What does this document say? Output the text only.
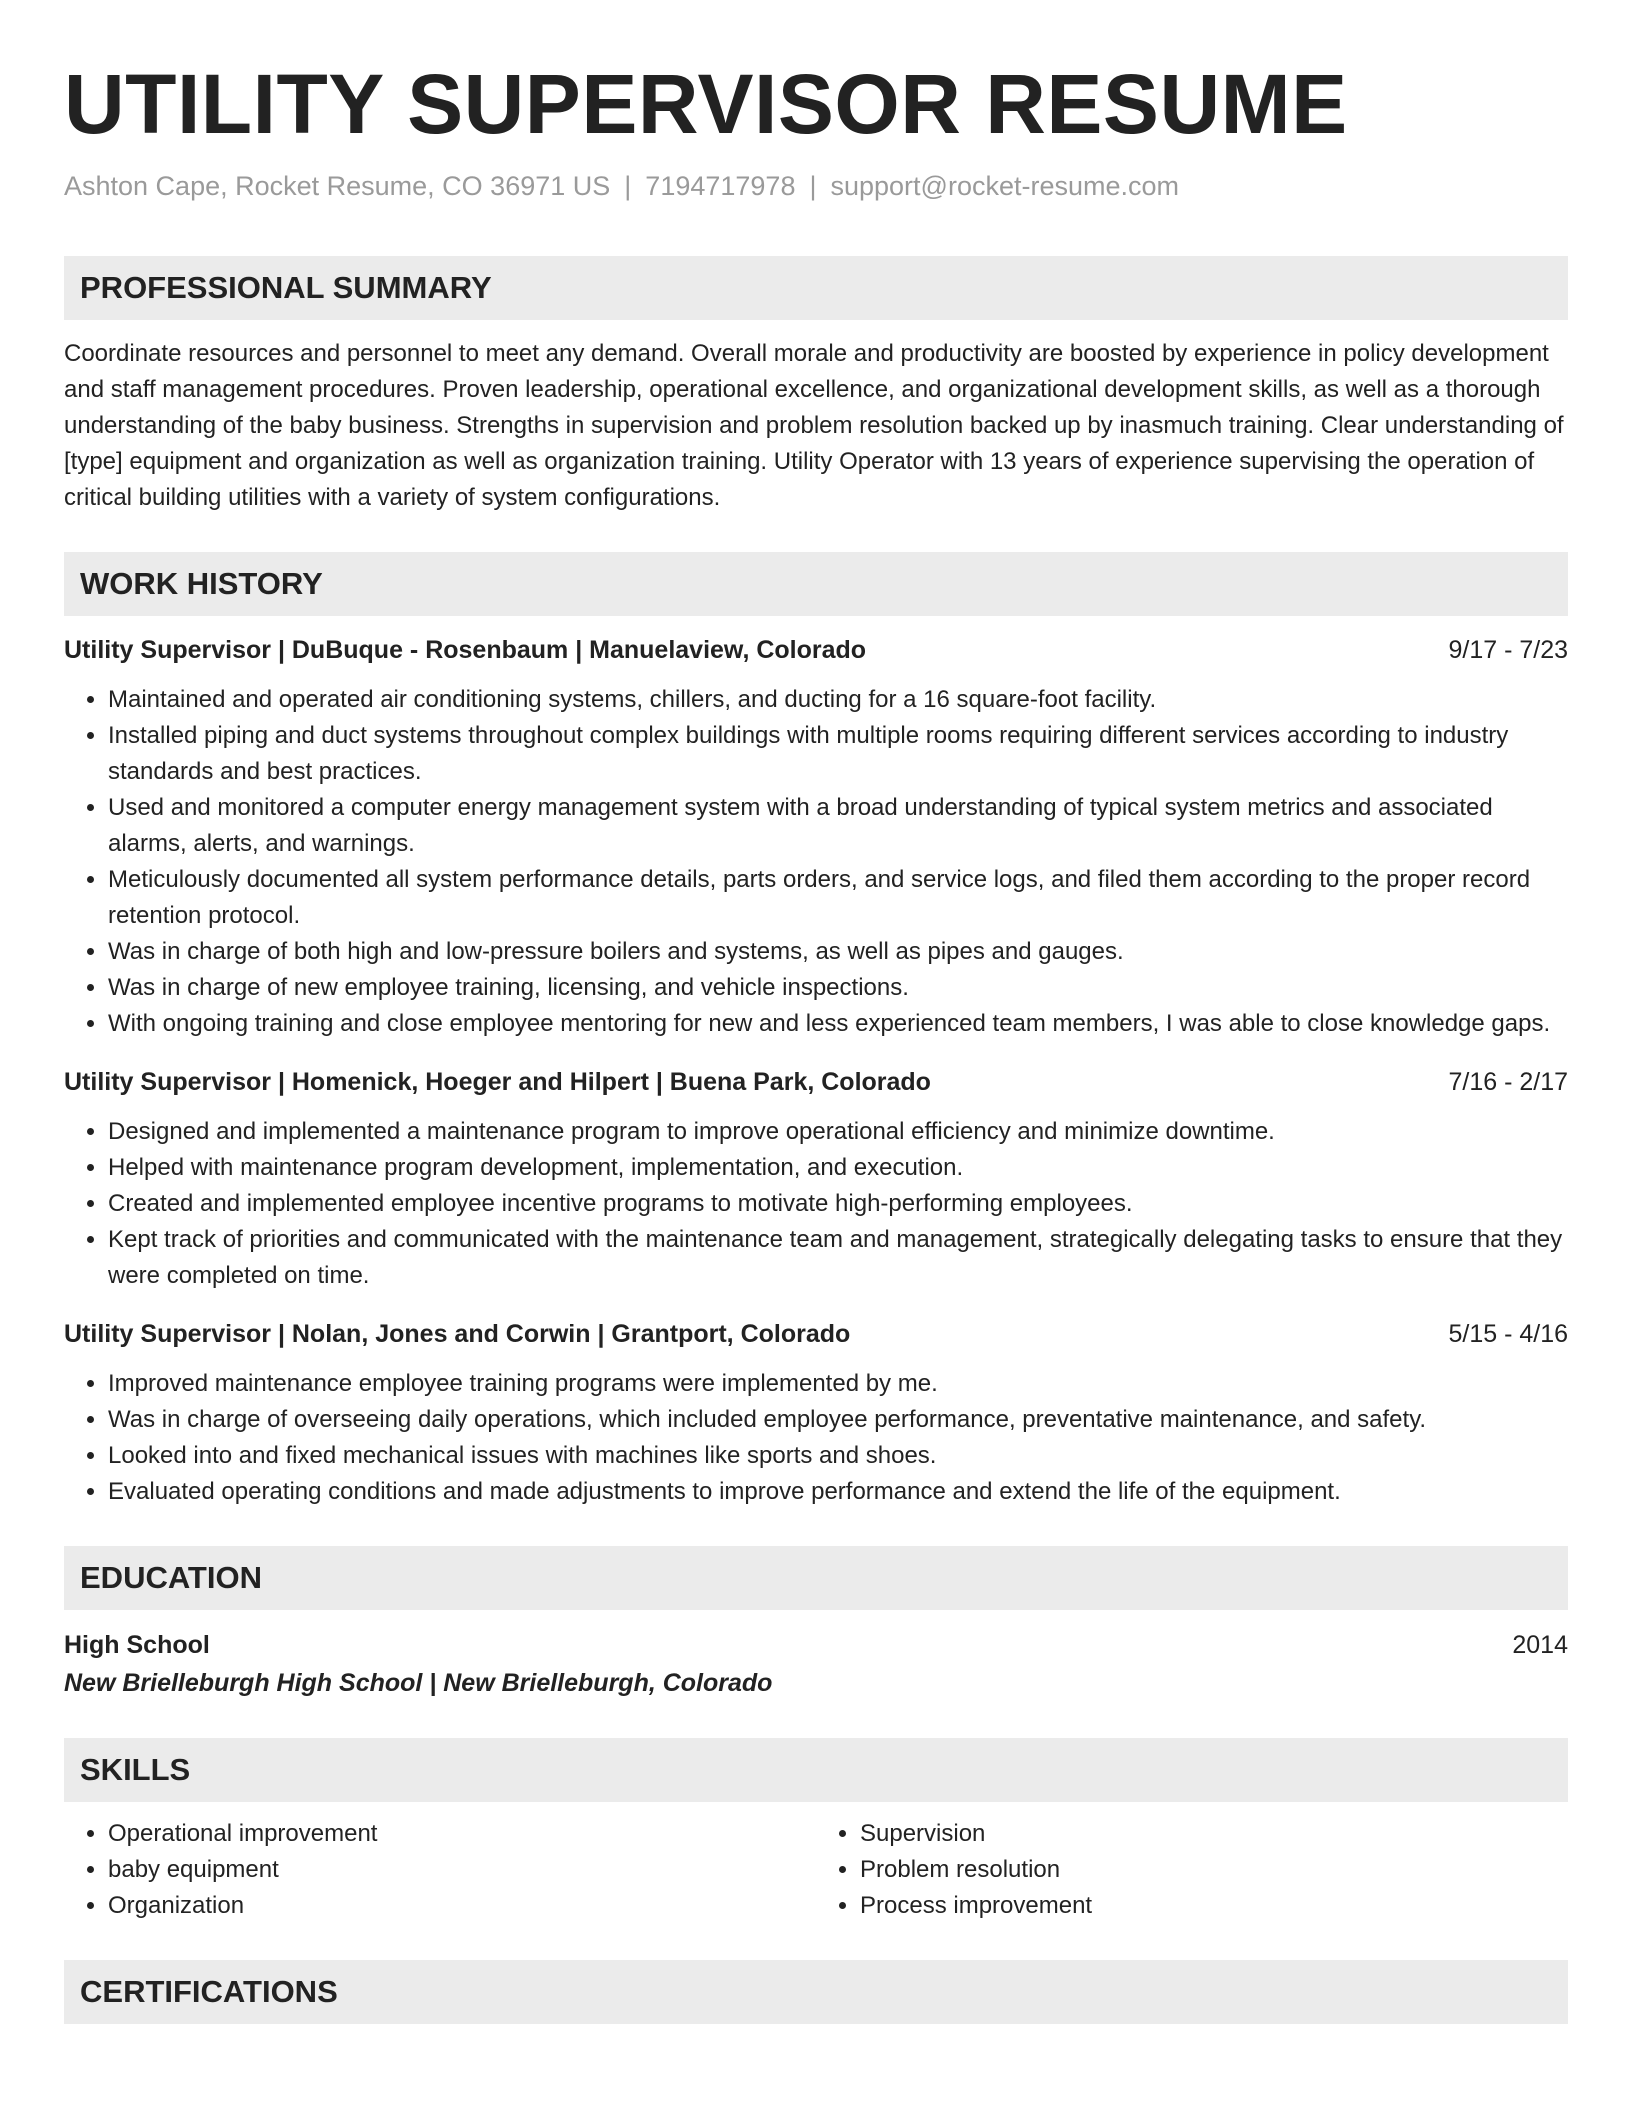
UTILITY SUPERVISOR RESUME
Ashton Cape, Rocket Resume, CO 36971 US | 7194717978 | support@rocket-resume.com
PROFESSIONAL SUMMARY
Coordinate resources and personnel to meet any demand. Overall morale and productivity are boosted by experience in policy development and staff management procedures. Proven leadership, operational excellence, and organizational development skills, as well as a thorough understanding of the baby business. Strengths in supervision and problem resolution backed up by inasmuch training. Clear understanding of [type] equipment and organization as well as organization training. Utility Operator with 13 years of experience supervising the operation of critical building utilities with a variety of system configurations.
WORK HISTORY
Utility Supervisor | DuBuque - Rosenbaum | Manuelaview, Colorado	9/17 - 7/23
• Maintained and operated air conditioning systems, chillers, and ducting for a 16 square-foot facility.
• Installed piping and duct systems throughout complex buildings with multiple rooms requiring different services according to industry standards and best practices.
• Used and monitored a computer energy management system with a broad understanding of typical system metrics and associated alarms, alerts, and warnings.
• Meticulously documented all system performance details, parts orders, and service logs, and filed them according to the proper record retention protocol.
• Was in charge of both high and low-pressure boilers and systems, as well as pipes and gauges.
• Was in charge of new employee training, licensing, and vehicle inspections.
• With ongoing training and close employee mentoring for new and less experienced team members, I was able to close knowledge gaps.
Utility Supervisor | Homenick, Hoeger and Hilpert | Buena Park, Colorado	7/16 - 2/17
• Designed and implemented a maintenance program to improve operational efficiency and minimize downtime.
• Helped with maintenance program development, implementation, and execution.
• Created and implemented employee incentive programs to motivate high-performing employees.
• Kept track of priorities and communicated with the maintenance team and management, strategically delegating tasks to ensure that they were completed on time.
Utility Supervisor | Nolan, Jones and Corwin | Grantport, Colorado	5/15 - 4/16
• Improved maintenance employee training programs were implemented by me.
• Was in charge of overseeing daily operations, which included employee performance, preventative maintenance, and safety.
• Looked into and fixed mechanical issues with machines like sports and shoes.
• Evaluated operating conditions and made adjustments to improve performance and extend the life of the equipment.
EDUCATION
High School	2014
New Brielleburgh High School | New Brielleburgh, Colorado
SKILLS
• Operational improvement
• baby equipment
• Organization
• Supervision
• Problem resolution
• Process improvement
CERTIFICATIONS
